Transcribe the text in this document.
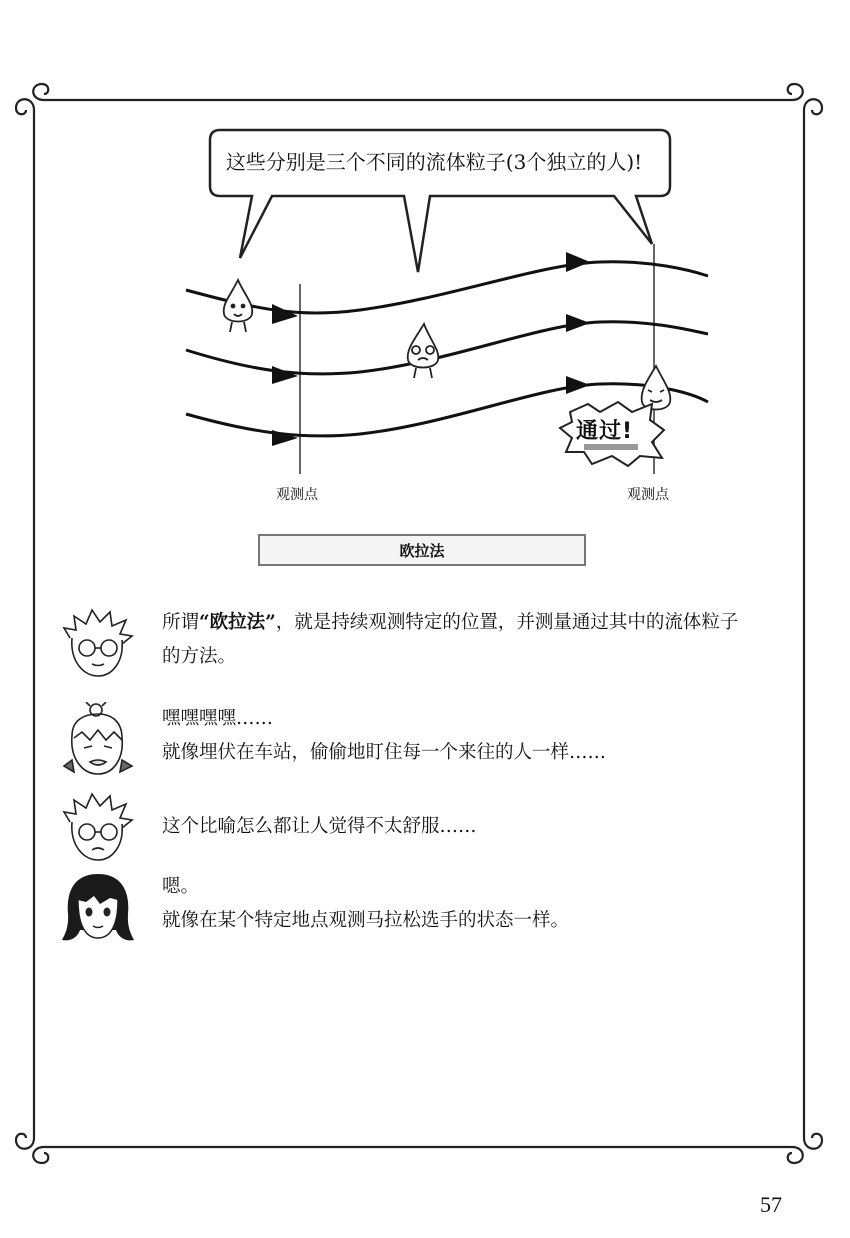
这些分别是三个不同的流体粒子(3个独立的人)!
通过!
观测点	观测点
欧拉法
所谓“欧拉法”，就是持续观测特定的位置，并测量通过其中的流体粒子
的方法。
嘿嘿嘿嘿……
就像埋伏在车站，偷偷地盯住每一个来往的人一样……
这个比喻怎么都让人觉得不太舒服……
嗯。
就像在某个特定地点观测马拉松选手的状态一样。
57
